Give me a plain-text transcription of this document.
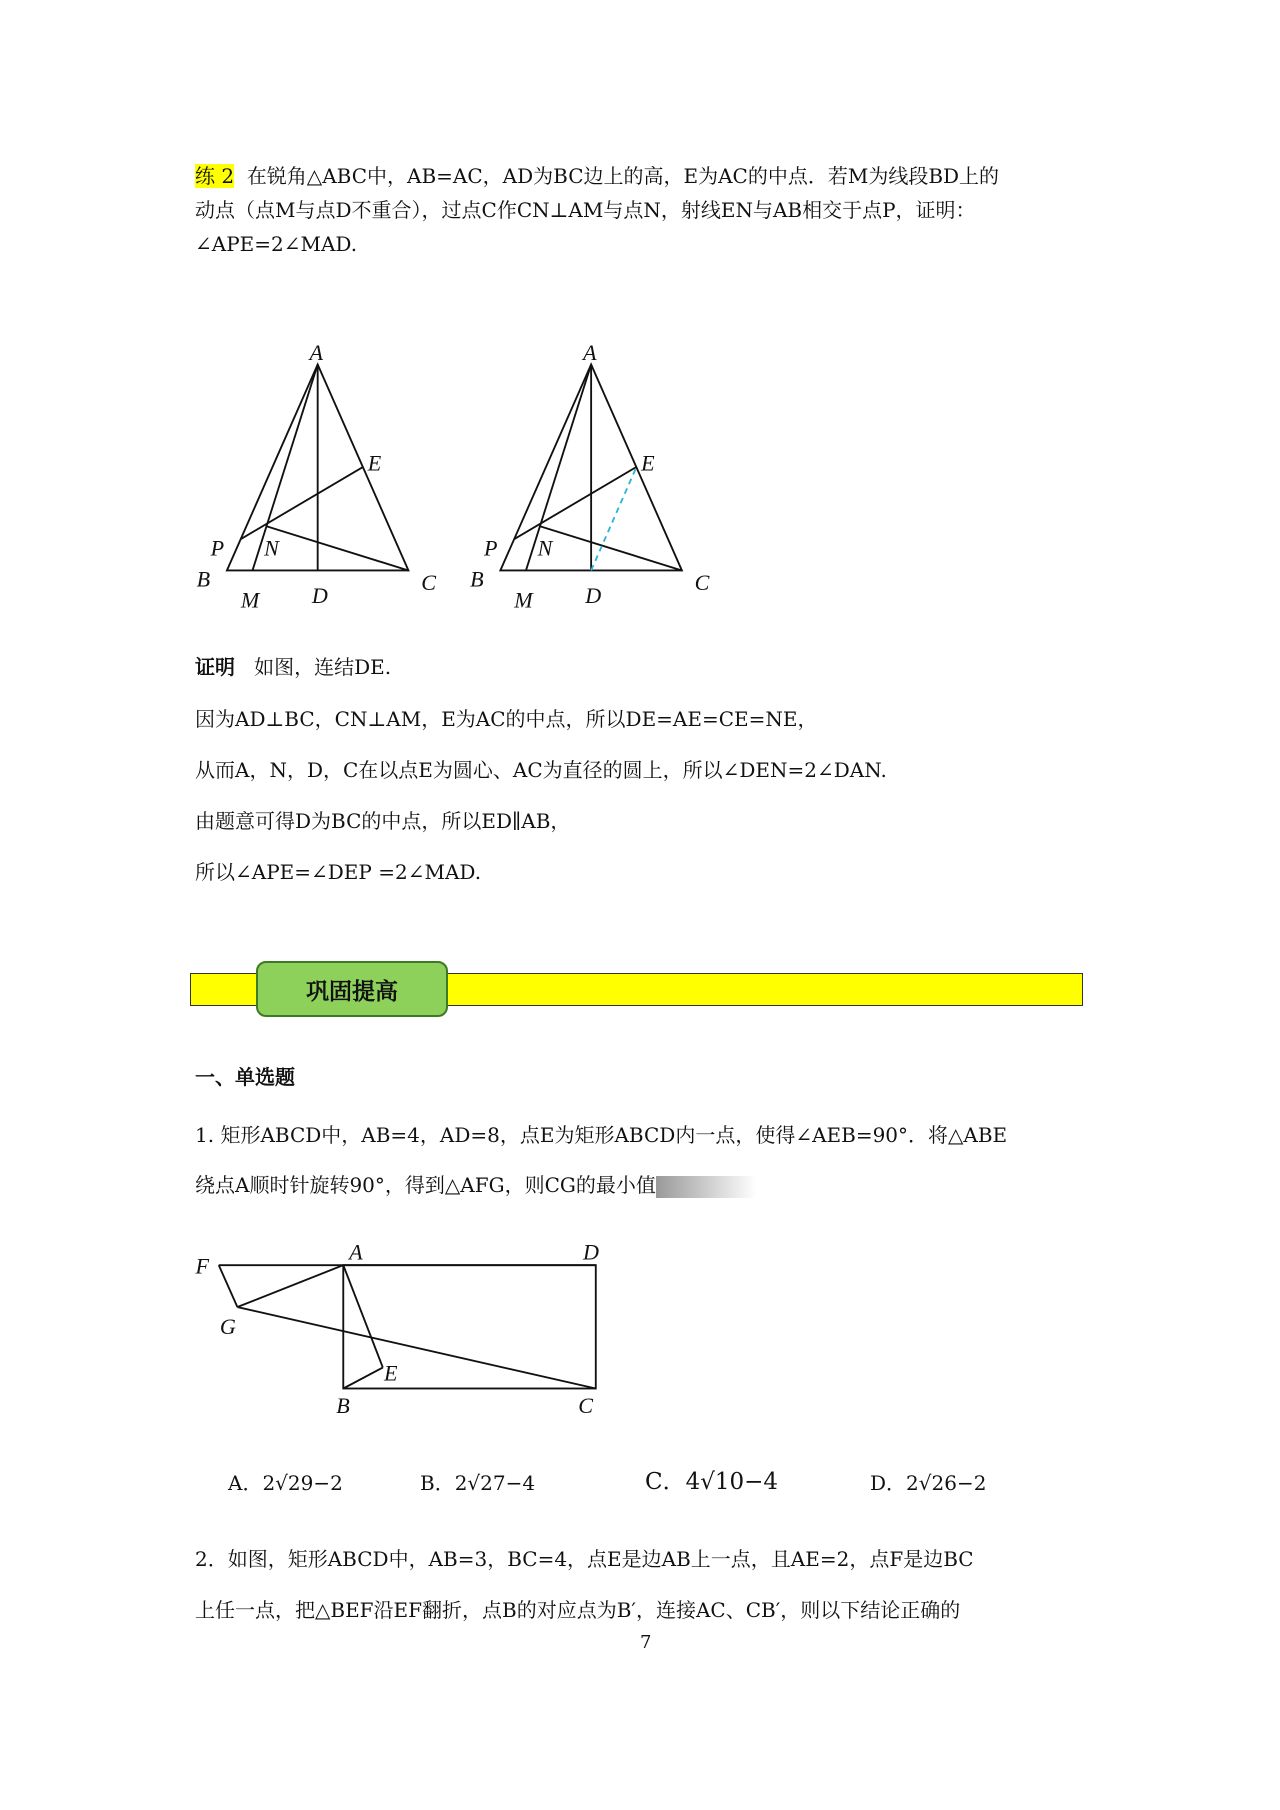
练 2 在锐角△ABC中，AB=AC，AD为BC边上的高，E为AC的中点．若M为线段BD上的
动点（点M与点D不重合），过点C作CN⊥AM与点N，射线EN与AB相交于点P，证明：
∠APE=2∠MAD.
A
E
P N
B
M	D
C
A
E
P N
B
M	D
C
F
A	D
G
E
B	C
证明 如图，连结DE.
因为AD⊥BC，CN⊥AM，E为AC的中点，所以DE=AE=CE=NE，
从而A，N，D，C在以点E为圆心、AC为直径的圆上，所以∠DEN=2∠DAN.
由题意可得D为BC的中点，所以ED∥AB，
所以∠APE=∠DEP =2∠MAD.
巩固提高
一、单选题
1. 矩形ABCD中，AB=4，AD=8，点E为矩形ABCD内一点，使得∠AEB=90°．将△ABE
绕点A顺时针旋转90°，得到△AFG，则CG的最小值
A．2√29−2	B．2√27−4	C．4√10−4	D．2√26−2
2．如图，矩形ABCD中，AB=3，BC=4，点E是边AB上一点，且AE=2，点F是边BC
上任一点，把△BEF沿EF翻折，点B的对应点为B′，连接AC、CB′，则以下结论正确的
7
